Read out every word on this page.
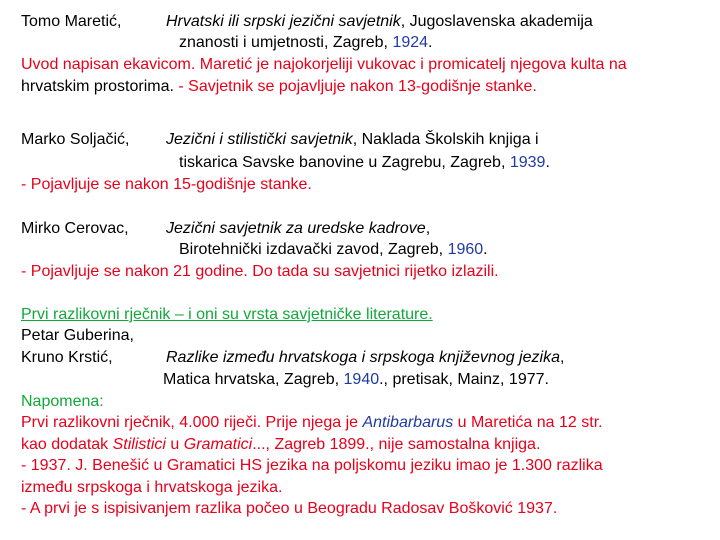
Tomo Maretić,	Hrvatski ili srpski jezični savjetnik, Jugoslavenska akademija
znanosti i umjetnosti, Zagreb, 1924.
Uvod napisan ekavicom. Maretić je najokorjeliji vukovac i promicatelj njegova kulta na
hrvatskim prostorima. - Savjetnik se pojavljuje nakon 13-godišnje stanke.
Marko Soljačić, Jezični i stilistički savjetnik, Naklada Školskih knjiga i
tiskarica Savske banovine u Zagrebu, Zagreb, 1939.
- Pojavljuje se nakon 15-godišnje stanke.
Mirko Cerovac, Jezični savjetnik za uredske kadrove,
Birotehnički izdavački zavod, Zagreb, 1960.
- Pojavljuje se nakon 21 godine. Do tada su savjetnici rijetko izlazili.
Prvi razlikovni rječnik – i oni su vrsta savjetničke literature.
Petar Guberina,
Kruno Krstić,	Razlike između hrvatskoga i srpskoga književnog jezika,
Matica hrvatska, Zagreb, 1940., pretisak, Mainz, 1977.
Napomena:
Prvi razlikovni rječnik, 4.000 riječi. Prije njega je Antibarbarus u Maretića na 12 str.
kao dodatak Stilistici u Gramatici..., Zagreb 1899., nije samostalna knjiga.
- 1937. J. Benešić u Gramatici HS jezika na poljskomu jeziku imao je 1.300 razlika
između srpskoga i hrvatskoga jezika.
- A prvi je s ispisivanjem razlika počeo u Beogradu Radosav Bošković 1937.
